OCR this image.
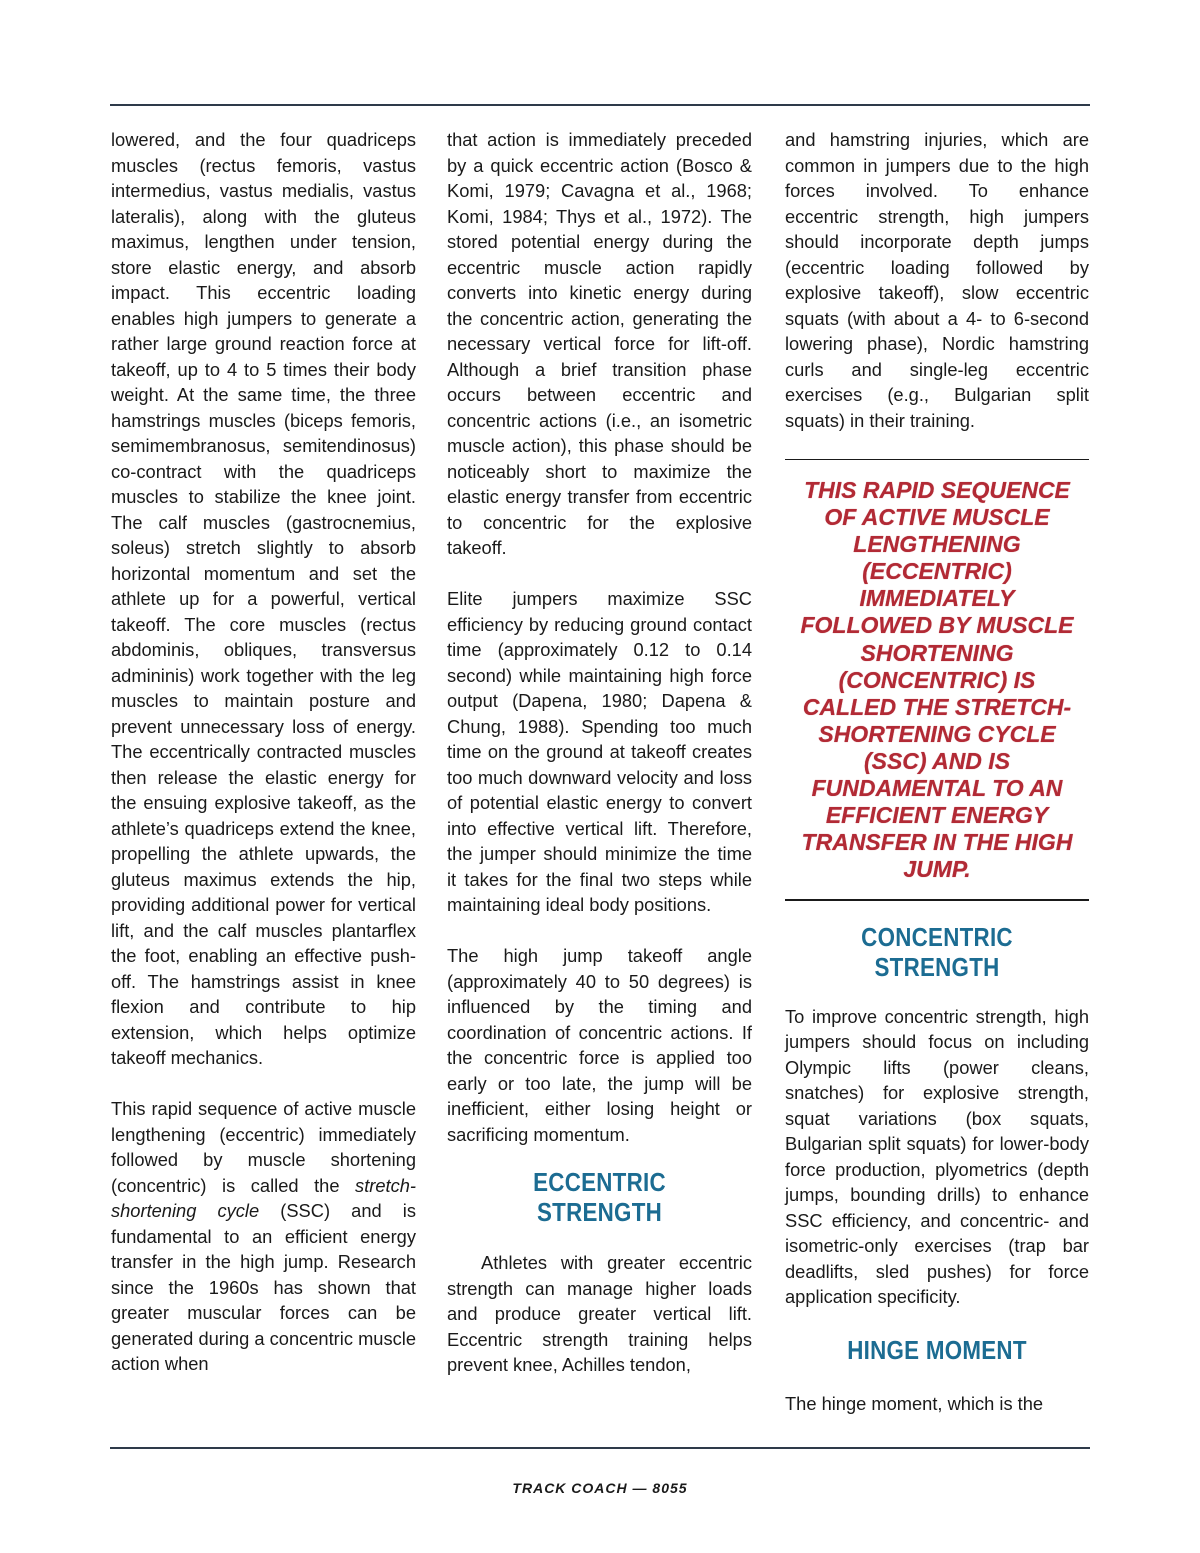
lowered, and the four quadriceps muscles (rectus femoris, vastus intermedius, vastus medialis, vastus lateralis), along with the gluteus maximus, lengthen under tension, store elastic energy, and absorb impact. This eccentric loading enables high jumpers to generate a rather large ground reaction force at takeoff, up to 4 to 5 times their body weight. At the same time, the three hamstrings muscles (biceps femoris, semimembranosus, semitendinosus) co-contract with the quadriceps muscles to stabilize the knee joint. The calf muscles (gastrocnemius, soleus) stretch slightly to absorb horizontal momentum and set the athlete up for a powerful, vertical takeoff. The core muscles (rectus abdominis, obliques, transversus admininis) work together with the leg muscles to maintain posture and prevent unnecessary loss of energy. The eccentrically contracted muscles then release the elastic energy for the ensuing explosive takeoff, as the athlete’s quadriceps extend the knee, propelling the athlete upwards, the gluteus maximus extends the hip, providing additional power for vertical lift, and the calf muscles plantarflex the foot, enabling an effective push-off. The hamstrings assist in knee flexion and contribute to hip extension, which helps optimize takeoff mechanics.

This rapid sequence of active muscle lengthening (eccentric) immediately followed by muscle shortening (concentric) is called the stretch-shortening cycle (SSC) and is fundamental to an efficient energy transfer in the high jump. Research since the 1960s has shown that greater muscular forces can be generated during a concentric muscle action when

that action is immediately preceded by a quick eccentric action (Bosco & Komi, 1979; Cavagna et al., 1968; Komi, 1984; Thys et al., 1972). The stored potential energy during the eccentric muscle action rapidly converts into kinetic energy during the concentric action, generating the necessary vertical force for lift-off. Although a brief transition phase occurs between eccentric and concentric actions (i.e., an isometric muscle action), this phase should be noticeably short to maximize the elastic energy transfer from eccentric to concentric for the explosive takeoff.

Elite jumpers maximize SSC efficiency by reducing ground contact time (approximately 0.12 to 0.14 second) while maintaining high force output (Dapena, 1980; Dapena & Chung, 1988). Spending too much time on the ground at takeoff creates too much downward velocity and loss of potential elastic energy to convert into effective vertical lift. Therefore, the jumper should minimize the time it takes for the final two steps while maintaining ideal body positions.

The high jump takeoff angle (approximately 40 to 50 degrees) is influenced by the timing and coordination of concentric actions. If the concentric force is applied too early or too late, the jump will be inefficient, either losing height or sacrificing momentum.

ECCENTRIC STRENGTH

Athletes with greater eccentric strength can manage higher loads and produce greater vertical lift. Eccentric strength training helps prevent knee, Achilles tendon,

and hamstring injuries, which are common in jumpers due to the high forces involved. To enhance eccentric strength, high jumpers should incorporate depth jumps (eccentric loading followed by explosive takeoff), slow eccentric squats (with about a 4- to 6-second lowering phase), Nordic hamstring curls and single-leg eccentric exercises (e.g., Bulgarian split squats) in their training.

THIS RAPID SEQUENCE OF ACTIVE MUSCLE LENGTHENING (ECCENTRIC) IMMEDIATELY FOLLOWED BY MUSCLE SHORTENING (CONCENTRIC) IS CALLED THE STRETCH-SHORTENING CYCLE (SSC) AND IS FUNDAMENTAL TO AN EFFICIENT ENERGY TRANSFER IN THE HIGH JUMP.
CONCENTRIC STRENGTH

To improve concentric strength, high jumpers should focus on including Olympic lifts (power cleans, snatches) for explosive strength, squat variations (box squats, Bulgarian split squats) for lower-body force production, plyometrics (depth jumps, bounding drills) to enhance SSC efficiency, and concentric- and isometric-only exercises (trap bar deadlifts, sled pushes) for force application specificity.

HINGE MOMENT

The hinge moment, which is the

TRACK COACH — 8055
